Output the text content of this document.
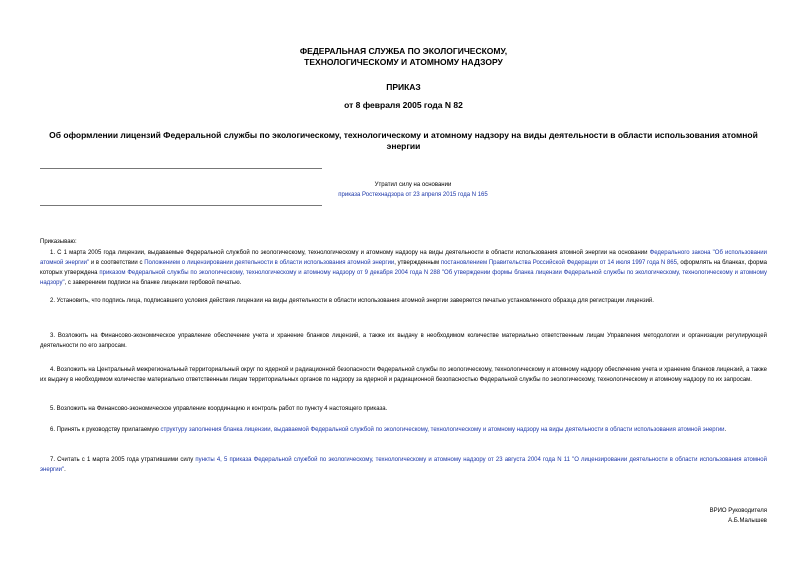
ФЕДЕРАЛЬНАЯ СЛУЖБА ПО ЭКОЛОГИЧЕСКОМУ,
ТЕХНОЛОГИЧЕСКОМУ И АТОМНОМУ НАДЗОРУ
ПРИКАЗ
от 8 февраля 2005 года N 82
Об оформлении лицензий Федеральной службы по экологическому, технологическому и атомному надзору на виды деятельности в области использования атомной энергии
Утратил силу на основании
приказа Ростехнадзора от 23 апреля 2015 года N 165
Приказываю:
1. С 1 марта 2005 года лицензии, выдаваемые Федеральной службой по экологическому, технологическому и атомному надзору на виды деятельности в области использования атомной энергии на основании Федерального закона "Об использовании атомной энергии" и в соответствии с Положением о лицензировании деятельности в области использования атомной энергии, утвержденным постановлением Правительства Российской Федерации от 14 июля 1997 года N 865, оформлять на бланках, форма которых утверждена приказом Федеральной службы по экологическому, технологическому и атомному надзору от 9 декабря 2004 года N 288 "Об утверждении формы бланка лицензии Федеральной службы по экологическому, технологическому и атомному надзору", с заверением подписи на бланке лицензии гербовой печатью.
2. Установить, что подпись лица, подписавшего условия действия лицензии на виды деятельности в области использования атомной энергии заверяется печатью установленного образца для регистрации лицензий.
3. Возложить на Финансово-экономическое управление обеспечение учета и хранение бланков лицензий, а также их выдачу в необходимом количестве материально ответственным лицам Управления методологии и организации регулирующей деятельности по его запросам.
4. Возложить на Центральный межрегиональный территориальный округ по ядерной и радиационной безопасности Федеральной службы по экологическому, технологическому и атомному надзору обеспечение учета и хранение бланков лицензий, а также их выдачу в необходимом количестве материально ответственным лицам территориальных органов по надзору за ядерной и радиационной безопасностью Федеральной службы по экологическому, технологическому и атомному надзору по их запросам.
5. Возложить на Финансово-экономическое управление координацию и контроль работ по пункту 4 настоящего приказа.
6. Принять к руководству прилагаемую структуру заполнения бланка лицензии, выдаваемой Федеральной службой по экологическому, технологическому и атомному надзору на виды деятельности в области использования атомной энергии.
7. Считать с 1 марта 2005 года утратившими силу пункты 4, 5 приказа Федеральной службой по экологическому, технологическому и атомному надзору от 23 августа 2004 года N 11 "О лицензировании деятельности в области использования атомной энергии".
ВРИО Руководителя
А.Б.Малышев
